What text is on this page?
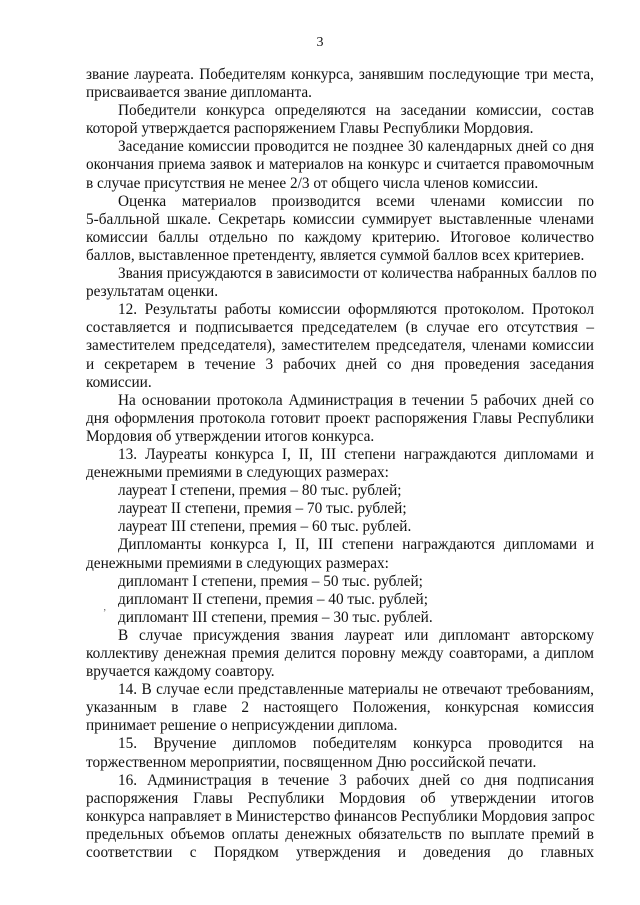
3
звание лауреата. Победителям конкурса, занявшим последующие три места,
присваивается звание дипломанта.
Победители конкурса определяются на заседании комиссии, состав
которой утверждается распоряжением Главы Республики Мордовия.
Заседание комиссии проводится не позднее 30 календарных дней со дня
окончания приема заявок и материалов на конкурс и считается правомочным
в случае присутствия не менее 2/3 от общего числа членов комиссии.
Оценка материалов производится всеми членами комиссии по
5-балльной шкале. Секретарь комиссии суммирует выставленные членами
комиссии баллы отдельно по каждому критерию. Итоговое количество
баллов, выставленное претенденту, является суммой баллов всех критериев.
Звания присуждаются в зависимости от количества набранных баллов по
результатам оценки.
12. Результаты работы комиссии оформляются протоколом. Протокол
составляется и подписывается председателем (в случае его отсутствия –
заместителем председателя), заместителем председателя, членами комиссии
и секретарем в течение 3 рабочих дней со дня проведения заседания
комиссии.
На основании протокола Администрация в течении 5 рабочих дней со
дня оформления протокола готовит проект распоряжения Главы Республики
Мордовия об утверждении итогов конкурса.
13. Лауреаты конкурса I, II, III степени награждаются дипломами и
денежными премиями в следующих размерах:
лауреат I степени, премия – 80 тыс. рублей;
лауреат II степени, премия – 70 тыс. рублей;
лауреат III степени, премия – 60 тыс. рублей.
Дипломанты конкурса I, II, III степени награждаются дипломами и
денежными премиями в следующих размерах:
дипломант I степени, премия – 50 тыс. рублей;
дипломант II степени, премия – 40 тыс. рублей;
дипломант III степени, премия – 30 тыс. рублей.
В случае присуждения звания лауреат или дипломант авторскому
коллективу денежная премия делится поровну между соавторами, а диплом
вручается каждому соавтору.
14. В случае если представленные материалы не отвечают требованиям,
указанным в главе 2 настоящего Положения, конкурсная комиссия
принимает решение о неприсуждении диплома.
15. Вручение дипломов победителям конкурса проводится на
торжественном мероприятии, посвященном Дню российской печати.
16. Администрация в течение 3 рабочих дней со дня подписания
распоряжения Главы Республики Мордовия об утверждении итогов
конкурса направляет в Министерство финансов Республики Мордовия запрос
предельных объемов оплаты денежных обязательств по выплате премий в
соответствии с Порядком утверждения и доведения до главных
ʼ
